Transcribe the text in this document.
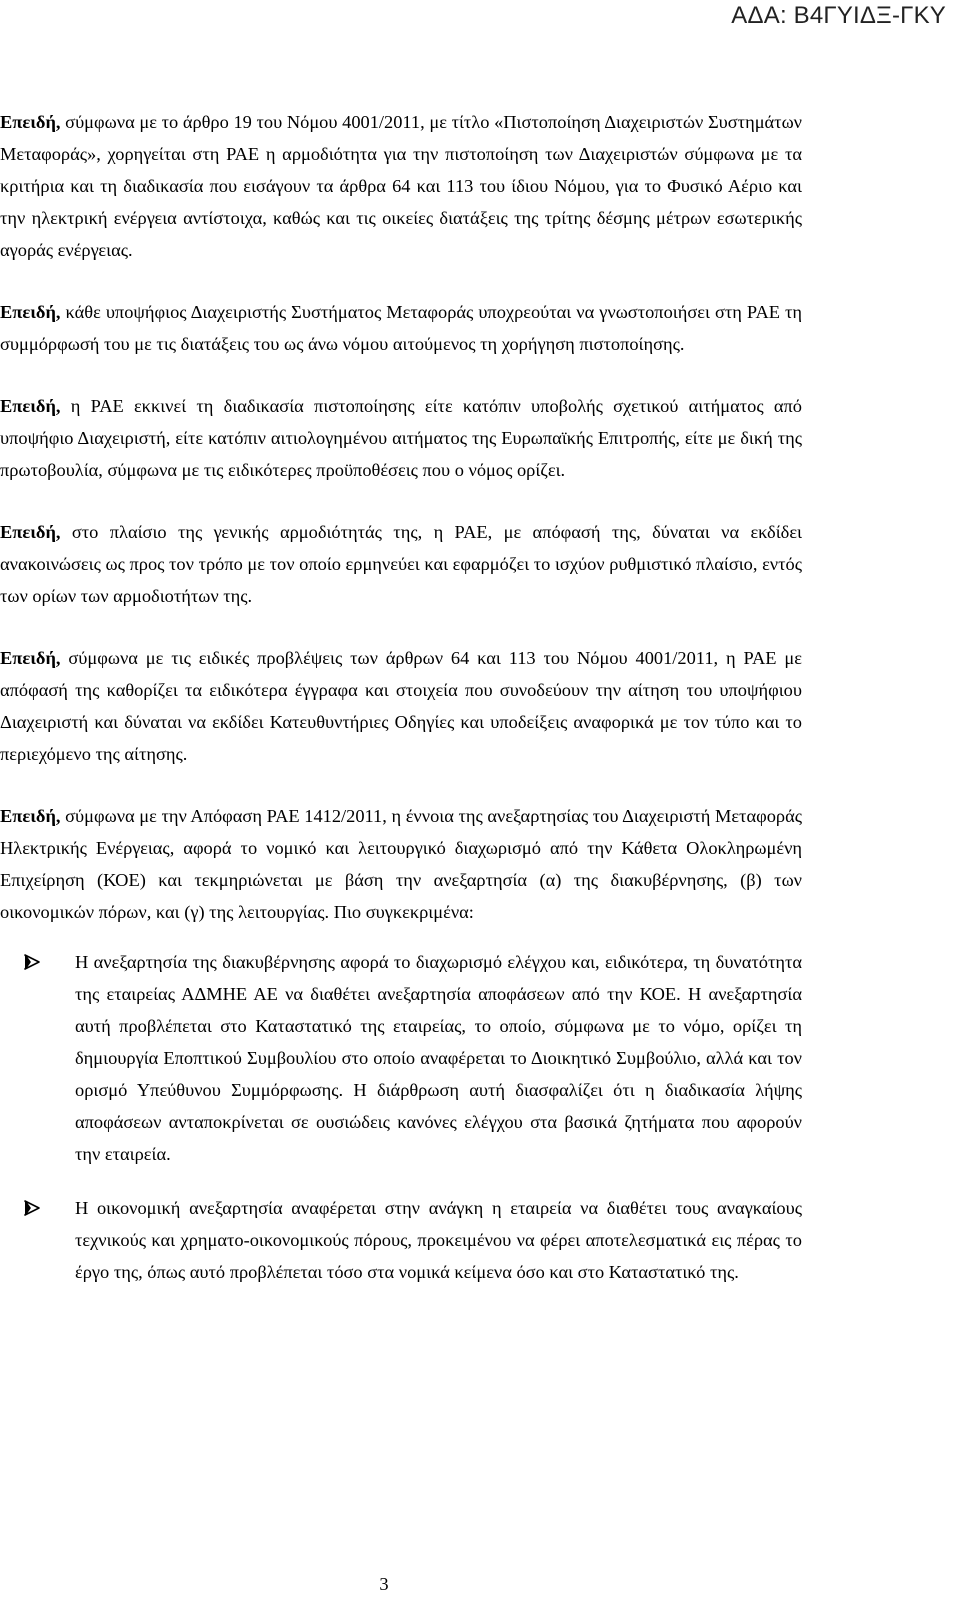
ΑΔΑ: Β4ΓΥΙΔΞ-ΓΚΥ

Επειδή, σύμφωνα με το άρθρο 19 του Νόμου 4001/2011, με τίτλο «Πιστοποίηση Διαχειριστών Συστημάτων Μεταφοράς», χορηγείται στη ΡΑΕ η αρμοδιότητα για την πιστοποίηση των Διαχειριστών σύμφωνα με τα κριτήρια και τη διαδικασία που εισάγουν τα άρθρα 64 και 113 του ίδιου Νόμου, για το Φυσικό Αέριο και την ηλεκτρική ενέργεια αντίστοιχα, καθώς και τις οικείες διατάξεις της τρίτης δέσμης μέτρων εσωτερικής αγοράς ενέργειας.

Επειδή, κάθε υποψήφιος Διαχειριστής Συστήματος Μεταφοράς υποχρεούται να γνωστοποιήσει στη ΡΑΕ τη συμμόρφωσή του με τις διατάξεις του ως άνω νόμου αιτούμενος τη χορήγηση πιστοποίησης.

Επειδή, η ΡΑΕ εκκινεί τη διαδικασία πιστοποίησης είτε κατόπιν υποβολής σχετικού αιτήματος από υποψήφιο Διαχειριστή, είτε κατόπιν αιτιολογημένου αιτήματος της Ευρωπαϊκής Επιτροπής, είτε με δική της πρωτοβουλία, σύμφωνα με τις ειδικότερες προϋποθέσεις που ο νόμος ορίζει.

Επειδή, στο πλαίσιο της γενικής αρμοδιότητάς της, η ΡΑΕ, με απόφασή της, δύναται να εκδίδει ανακοινώσεις ως προς τον τρόπο με τον οποίο ερμηνεύει και εφαρμόζει το ισχύον ρυθμιστικό πλαίσιο, εντός των ορίων των αρμοδιοτήτων της.

Επειδή, σύμφωνα με τις ειδικές προβλέψεις των άρθρων 64 και 113 του Νόμου 4001/2011, η ΡΑΕ με απόφασή της καθορίζει τα ειδικότερα έγγραφα και στοιχεία που συνοδεύουν την αίτηση του υποψήφιου Διαχειριστή και δύναται να εκδίδει Κατευθυντήριες Οδηγίες και υποδείξεις αναφορικά με τον τύπο και το περιεχόμενο της αίτησης.

Επειδή, σύμφωνα με την Απόφαση ΡΑΕ 1412/2011, η έννοια της ανεξαρτησίας του Διαχειριστή Μεταφοράς Ηλεκτρικής Ενέργειας, αφορά το νομικό και λειτουργικό διαχωρισμό από την Κάθετα Ολοκληρωμένη Επιχείρηση (ΚΟΕ) και τεκμηριώνεται με βάση την ανεξαρτησία (α) της διακυβέρνησης, (β) των οικονομικών πόρων, και (γ) της λειτουργίας. Πιο συγκεκριμένα:

Η ανεξαρτησία της διακυβέρνησης αφορά το διαχωρισμό ελέγχου και, ειδικότερα, τη δυνατότητα της εταιρείας ΑΔΜΗΕ ΑΕ να διαθέτει ανεξαρτησία αποφάσεων από την ΚΟΕ. Η ανεξαρτησία αυτή προβλέπεται στο Καταστατικό της εταιρείας, το οποίο, σύμφωνα με το νόμο, ορίζει τη δημιουργία Εποπτικού Συμβουλίου στο οποίο αναφέρεται το Διοικητικό Συμβούλιο, αλλά και τον ορισμό Υπεύθυνου Συμμόρφωσης. Η διάρθρωση αυτή διασφαλίζει ότι η διαδικασία λήψης αποφάσεων ανταποκρίνεται σε ουσιώδεις κανόνες ελέγχου στα βασικά ζητήματα που αφορούν την εταιρεία.
Η οικονομική ανεξαρτησία αναφέρεται στην ανάγκη η εταιρεία να διαθέτει τους αναγκαίους τεχνικούς και χρηματο-οικονομικούς πόρους, προκειμένου να φέρει αποτελεσματικά εις πέρας το έργο της, όπως αυτό προβλέπεται τόσο στα νομικά κείμενα όσο και στο Καταστατικό της.
3
